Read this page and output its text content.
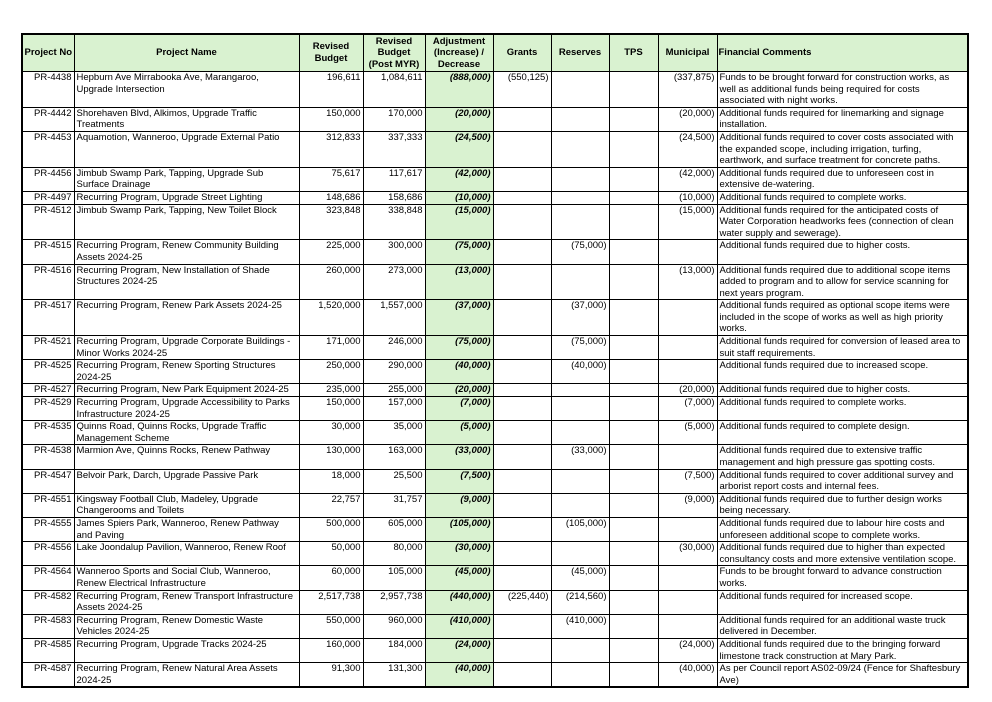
Project No	Project Name	Revised Budget	Revised Budget (Post MYR)	Adjustment (Increase) / Decrease	Grants	Reserves	TPS	Municipal	Financial Comments
PR-4438	Hepburn Ave Mirrabooka Ave, Marangaroo, Upgrade Intersection	196,611	1,084,611	(888,000)	(550,125)			(337,875)	Funds to be brought forward for construction works, as well as additional funds being required for costs associated with night works.
PR-4442	Shorehaven Blvd, Alkimos, Upgrade Traffic Treatments	150,000	170,000	(20,000)				(20,000)	Additional funds required for linemarking and signage installation.
PR-4453	Aquamotion, Wanneroo, Upgrade External Patio	312,833	337,333	(24,500)				(24,500)	Additional funds required to cover costs associated with the expanded scope, including irrigation, turfing, earthwork, and surface treatment for concrete paths.
PR-4456	Jimbub Swamp Park, Tapping, Upgrade Sub Surface Drainage	75,617	117,617	(42,000)				(42,000)	Additional funds required due to unforeseen cost in extensive de-watering.
PR-4497	Recurring Program, Upgrade Street Lighting	148,686	158,686	(10,000)				(10,000)	Additional funds required to complete works.
PR-4512	Jimbub Swamp Park, Tapping, New Toilet Block	323,848	338,848	(15,000)				(15,000)	Additional funds required for the anticipated costs of Water Corporation headworks fees (connection of clean water supply and sewerage).
PR-4515	Recurring Program, Renew Community Building Assets 2024-25	225,000	300,000	(75,000)		(75,000)			Additional funds required due to higher costs.
PR-4516	Recurring Program, New Installation of Shade Structures 2024-25	260,000	273,000	(13,000)				(13,000)	Additional funds required due to additional scope items added to program and to allow for service scanning for next years program.
PR-4517	Recurring Program, Renew Park Assets 2024-25	1,520,000	1,557,000	(37,000)		(37,000)			Additional funds required as optional scope items were included in the scope of works as well as high priority works.
PR-4521	Recurring Program, Upgrade Corporate Buildings - Minor Works 2024-25	171,000	246,000	(75,000)		(75,000)			Additional funds required for conversion of leased area to suit staff requirements.
PR-4525	Recurring Program, Renew Sporting Structures 2024-25	250,000	290,000	(40,000)		(40,000)			Additional funds required due to increased scope.
PR-4527	Recurring Program, New Park Equipment 2024-25	235,000	255,000	(20,000)				(20,000)	Additional funds required due to higher costs.
PR-4529	Recurring Program, Upgrade Accessibility to Parks Infrastructure 2024-25	150,000	157,000	(7,000)				(7,000)	Additional funds required to complete works.
PR-4535	Quinns Road, Quinns Rocks, Upgrade Traffic Management Scheme	30,000	35,000	(5,000)				(5,000)	Additional funds required to complete design.
PR-4538	Marmion Ave, Quinns Rocks, Renew Pathway	130,000	163,000	(33,000)		(33,000)			Additional funds required due to extensive traffic management and high pressure gas spotting costs.
PR-4547	Belvoir Park, Darch, Upgrade Passive Park	18,000	25,500	(7,500)				(7,500)	Additional funds required to cover additional survey and arborist report costs and internal fees.
PR-4551	Kingsway Football Club, Madeley, Upgrade Changerooms and Toilets	22,757	31,757	(9,000)				(9,000)	Additional funds required due to further design works being necessary.
PR-4555	James Spiers Park, Wanneroo, Renew Pathway and Paving	500,000	605,000	(105,000)		(105,000)			Additional funds required due to labour hire costs and unforeseen additional scope to complete works.
PR-4556	Lake Joondalup Pavilion, Wanneroo, Renew Roof	50,000	80,000	(30,000)				(30,000)	Additional funds required due to higher than expected consultancy costs and more extensive ventilation scope.
PR-4564	Wanneroo Sports and Social Club, Wanneroo, Renew Electrical Infrastructure	60,000	105,000	(45,000)		(45,000)			Funds to be brought forward to advance construction works.
PR-4582	Recurring Program, Renew Transport Infrastructure Assets 2024-25	2,517,738	2,957,738	(440,000)	(225,440)	(214,560)			Additional funds required for increased scope.
PR-4583	Recurring Program, Renew Domestic Waste Vehicles 2024-25	550,000	960,000	(410,000)		(410,000)			Additional funds required for an additional waste truck delivered in December.
PR-4585	Recurring Program, Upgrade Tracks 2024-25	160,000	184,000	(24,000)				(24,000)	Additional funds required due to the bringing forward limestone track construction at Mary Park.
PR-4587	Recurring Program, Renew Natural Area Assets 2024-25	91,300	131,300	(40,000)				(40,000)	As per Council report AS02-09/24 (Fence for Shaftesbury Ave)
